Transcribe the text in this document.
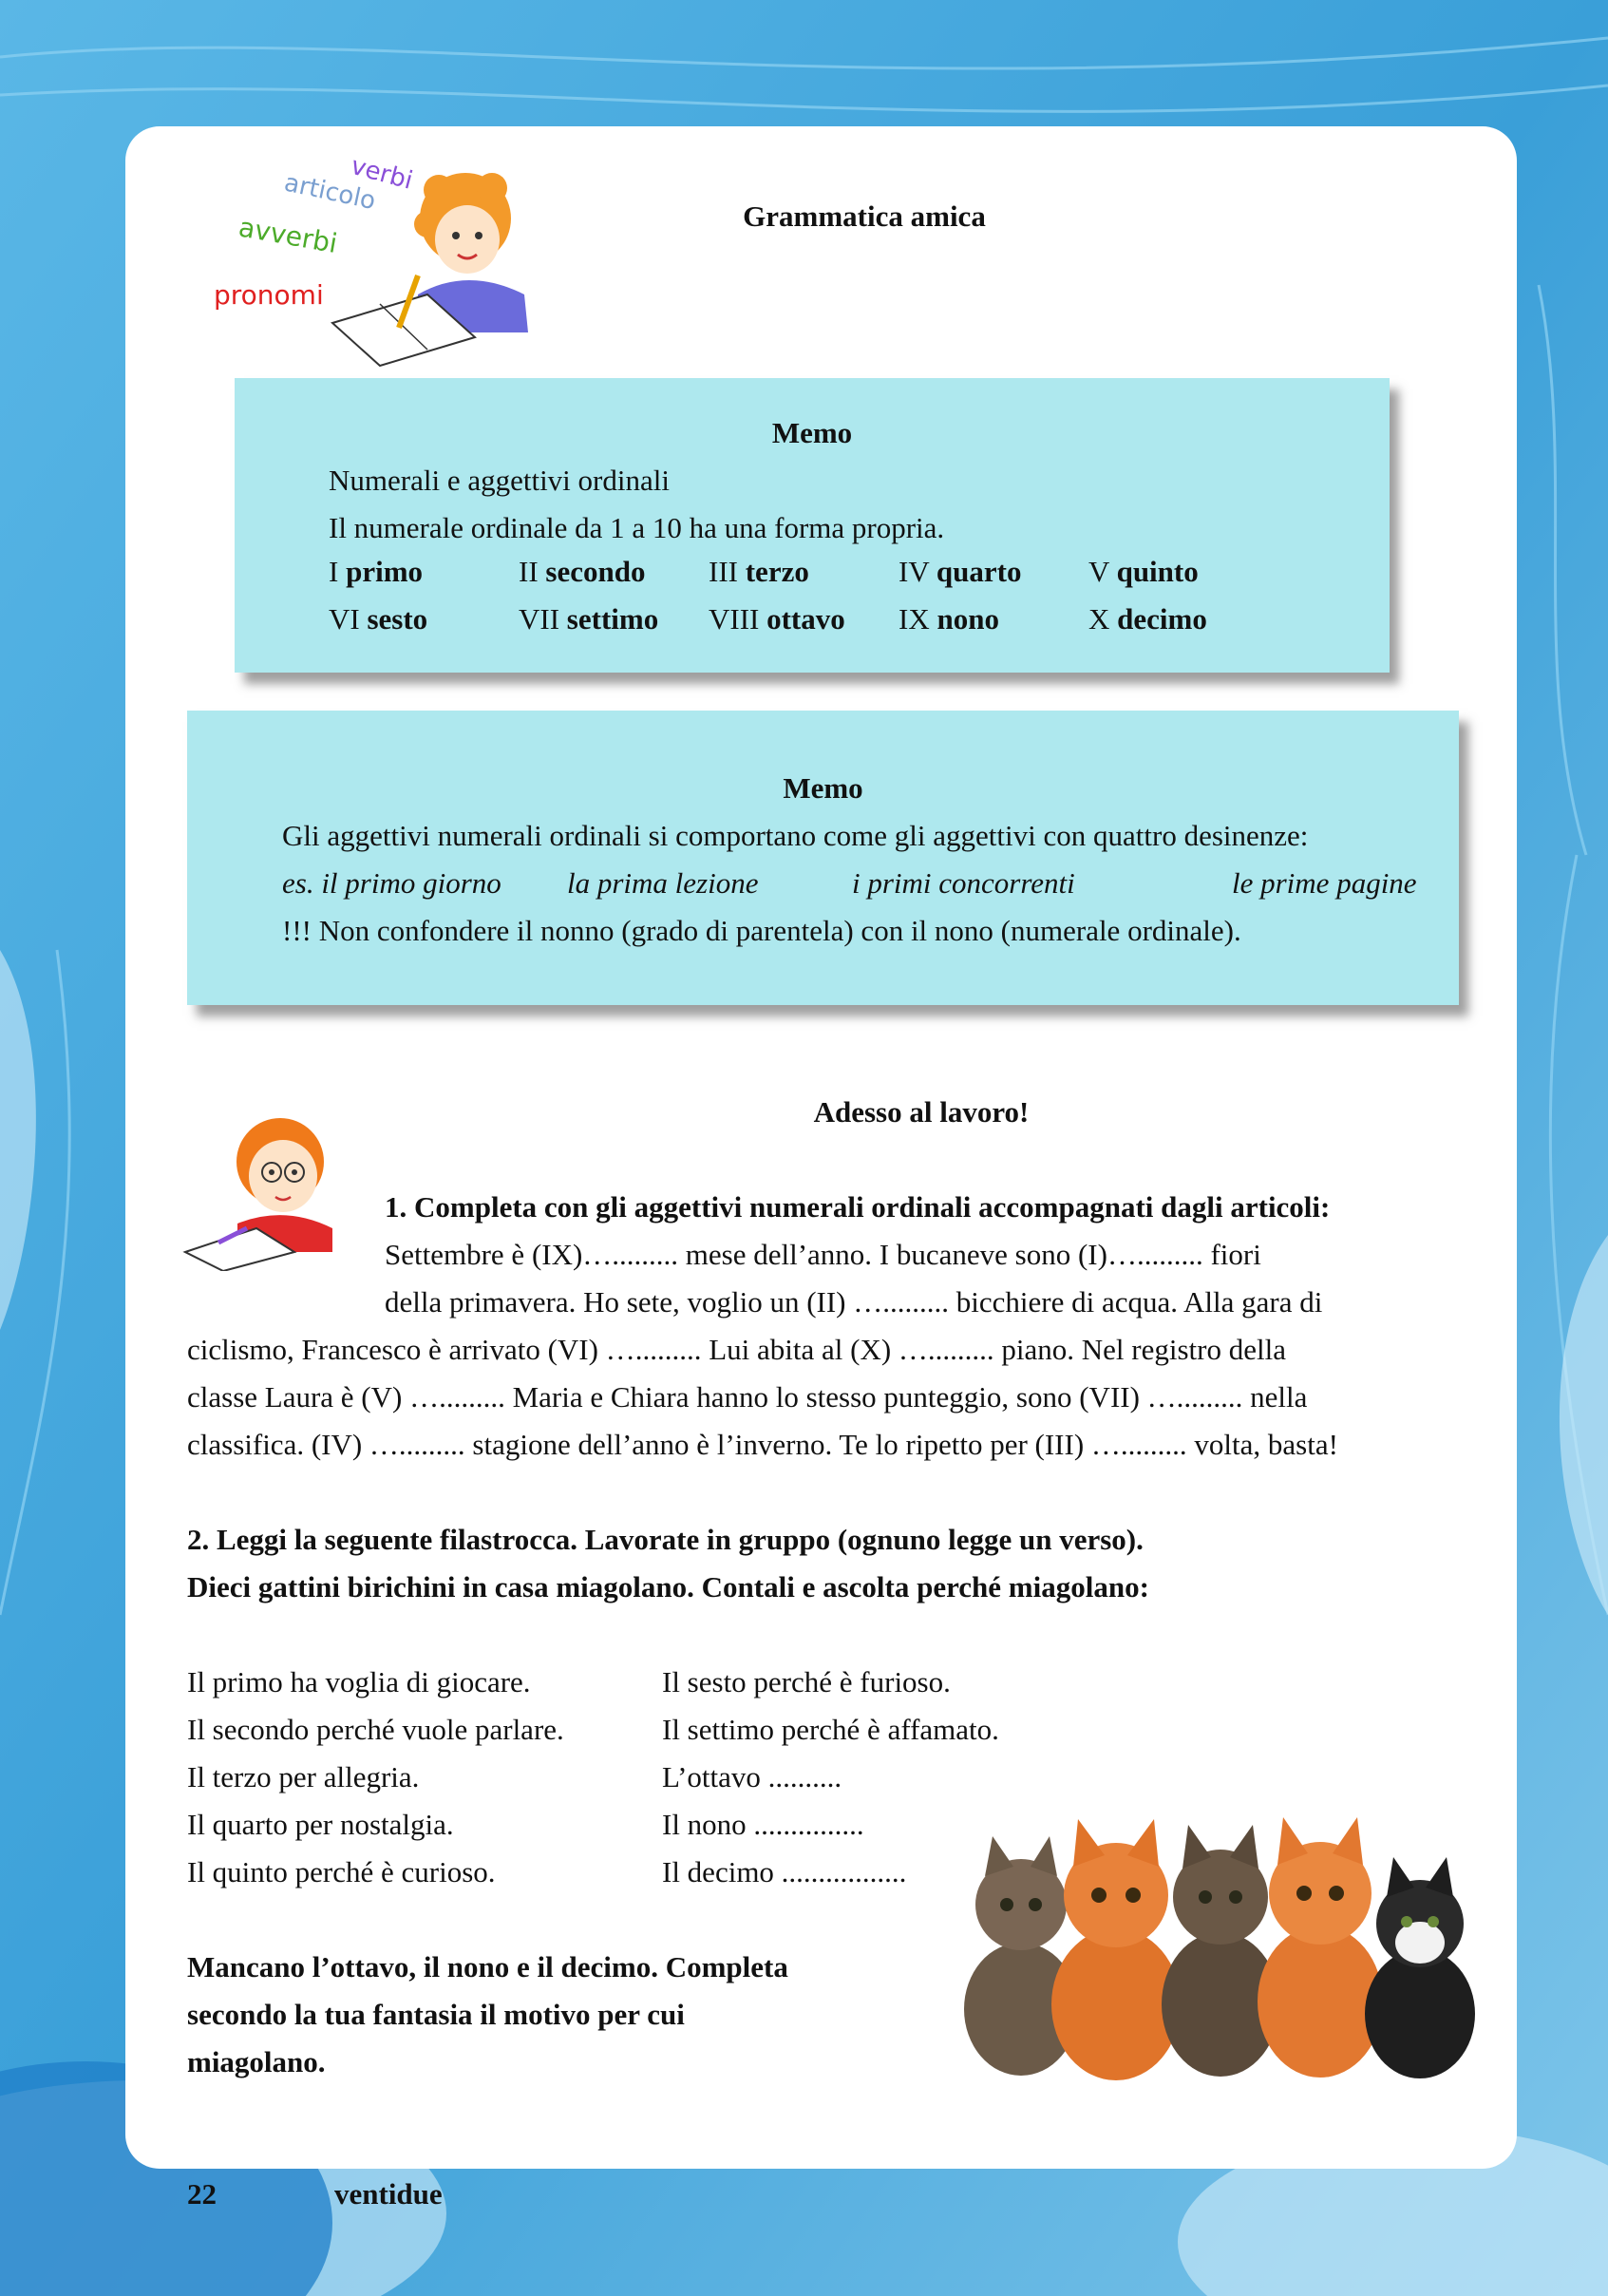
verbi
articolo
avverbi
pronomi
Grammatica amica
Memo
Numerali e aggettivi ordinali
Il numerale ordinale da 1 a 10 ha una forma propria.
I primo	II secondo III terzo	IV quarto V quinto
VI sesto	VII settimo VIII ottavo IX nono	X decimo
Memo
Gli aggettivi numerali ordinali si comportano come gli aggettivi con quattro desinenze:
es. il primo giorno la prima lezione	i primi concorrenti	le prime pagine
!!! Non confondere il nonno (grado di parentela) con il nono (numerale ordinale).
Adesso al lavoro!
1. Completa con gli aggettivi numerali ordinali accompagnati dagli articoli:
Settembre è (IX)…......... mese dell’anno. I bucaneve sono (I)…......... fiori
della primavera. Ho sete, voglio un (II) …......... bicchiere di acqua. Alla gara di
ciclismo, Francesco è arrivato (VI) …......... Lui abita al (X) …......... piano. Nel registro della
classe Laura è (V) …......... Maria e Chiara hanno lo stesso punteggio, sono (VII) …......... nella
classifica. (IV) …......... stagione dell’anno è l’inverno. Te lo ripetto per (III) …......... volta, basta!
2. Leggi la seguente filastrocca. Lavorate in gruppo (ognuno legge un verso).
Dieci gattini birichini in casa miagolano. Contali e ascolta perché miagolano:
Il primo ha voglia di giocare.
Il secondo perché vuole parlare.
Il terzo per allegria.
Il quarto per nostalgia.
Il quinto perché è curioso.
Il sesto perché è furioso.
Il settimo perché è affamato.
L’ottavo ..........
Il nono ...............
Il decimo .................
Mancano l’ottavo, il nono e il decimo. Completa
secondo la tua fantasia il motivo per cui
miagolano.
22	ventidue
